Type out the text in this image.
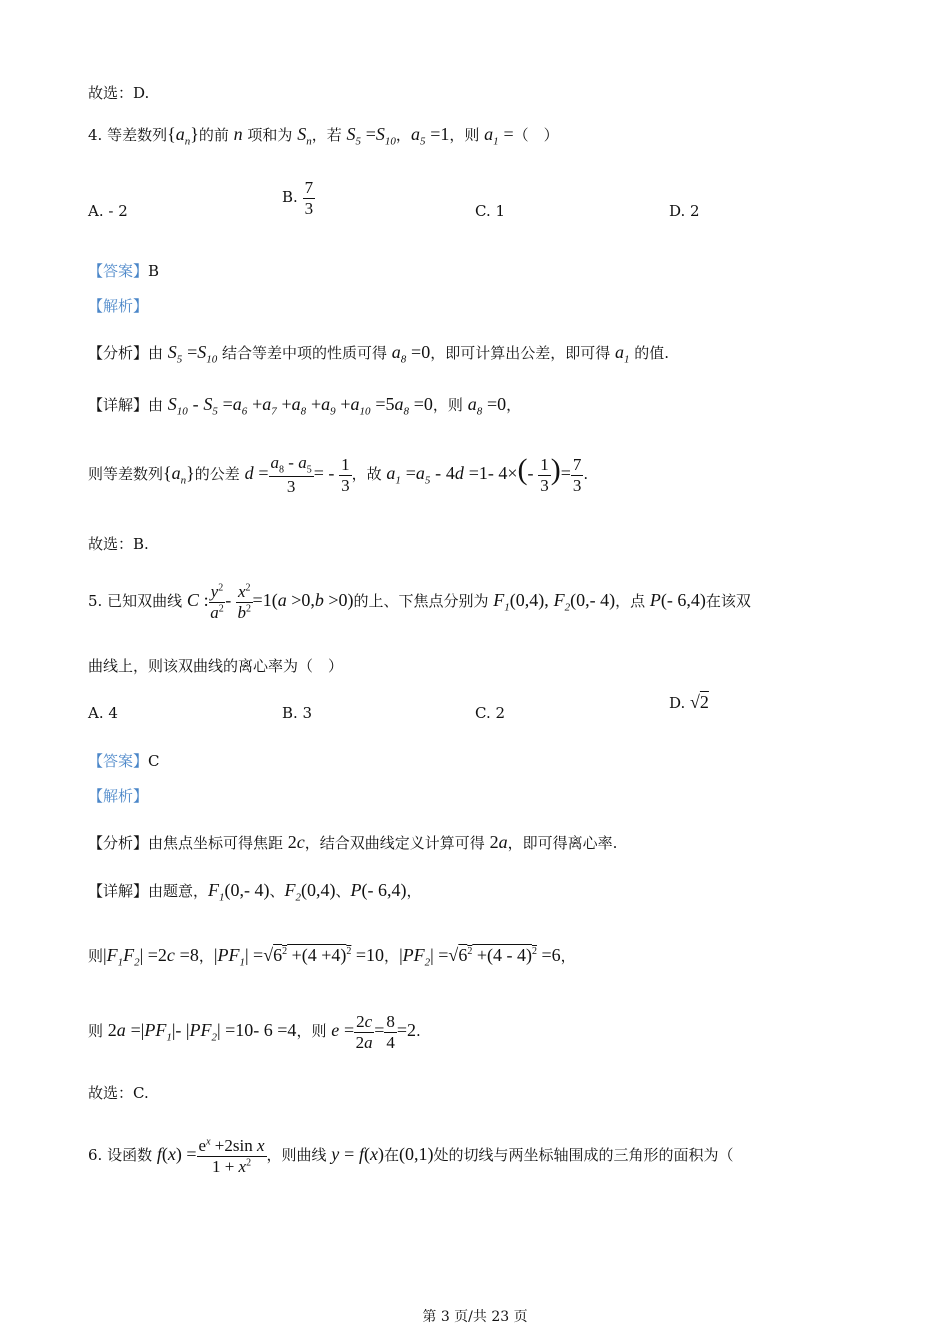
故选：D.
4. 等差数列$\{a_n\}$的前 n 项和为 $S_n$，若 $S_5 =S_{10}$，$a_5 =1$，则 $a_1$ =（　）
A. - 2
B. $\frac{7}{3}$	C. 1	D. 2
【答案】B
【解析】
【分析】由 $S_5 =S_{10}$ 结合等差中项的性质可得 $a_8 =0$，即可计算出公差，即可得 $a_1$ 的值.
【详解】由 $S_{10} - S_5 =a_6 +a_7 +a_8 +a_9 +a_{10} =5a_8 =0$，则 $a_8 =0$，
则等差数列$\{a_n\}$的公差 $d = \frac{a_8 - a_5}{3}$ = - $\frac{1}{3}$ ，故 $a_1 =a_5 - 4d =1-$ $4\times(- \frac{1}{3}$ )= $\frac{7}{3}$ .
故选：B.
5. 已知双曲线 C : $\frac{y^2}{a^2} - \frac{x^2}{b^2} =1(a >0,b >0)$的上、下焦点分别为 $F_1(0,4)$, $F_2(0,-$ 4)，点 P(- 6,4)在该双
曲线上，则该双曲线的离心率为（　）
A. 4	B. 3	C. 2
D. √2
【答案】C
【解析】
【分析】由焦点坐标可得焦距 2c，结合双曲线定义计算可得 2a，即可得离心率.
【详解】由题意，$F_1(0,-$ 4)、$F_2(0,4)$、P(- 6,4)，
则$|F_1F_2| =2c =8$，$|PF_1| =√6^2 +(4 +4)^2 =10$，$|PF_2| =√6^2 +(4 - 4)^2 =6$，
则 $2a =|PF_1|-$ $|PF_2| =10-$ 6 =4，则 $e = \frac{2c}{2a} = \frac{8}{4} =2$.
故选：C.
6. 设函数 $f(x) = \frac{e^x +2\sin x}{1 + x^2}$ ，则曲线 y = f(x)在(0,1)处的切线与两坐标轴围成的三角形的面积为（
第 3 页/共 23 页
